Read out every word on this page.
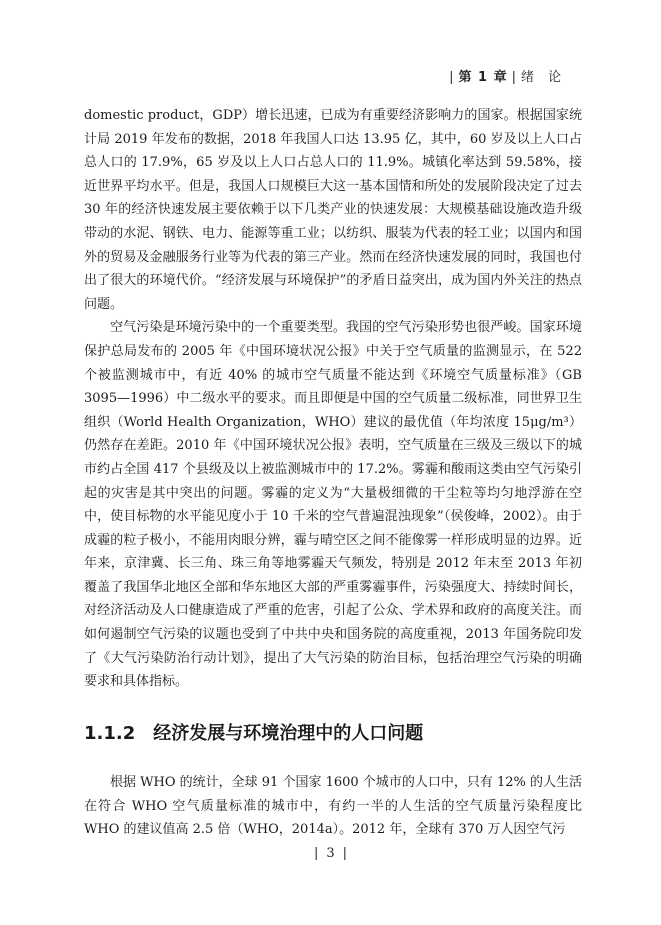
| 第 1 章 | 绪论

domestic product，GDP）增长迅速，已成为有重要经济影响力的国家。根据国家统计局 2019 年发布的数据，2018 年我国人口达 13.95 亿，其中，60 岁及以上人口占总人口的 17.9%，65 岁及以上人口占总人口的 11.9%。城镇化率达到 59.58%，接近世界平均水平。但是，我国人口规模巨大这一基本国情和所处的发展阶段决定了过去 30 年的经济快速发展主要依赖于以下几类产业的快速发展：大规模基础设施改造升级带动的水泥、钢铁、电力、能源等重工业；以纺织、服装为代表的轻工业；以国内和国外的贸易及金融服务行业等为代表的第三产业。然而在经济快速发展的同时，我国也付出了很大的环境代价。“经济发展与环境保护”的矛盾日益突出，成为国内外关注的热点问题。

空气污染是环境污染中的一个重要类型。我国的空气污染形势也很严峻。国家环境保护总局发布的 2005 年《中国环境状况公报》中关于空气质量的监测显示，在 522 个被监测城市中，有近 40% 的城市空气质量不能达到《环境空气质量标准》（GB 3095—1996）中二级水平的要求。而且即便是中国的空气质量二级标准，同世界卫生组织（World Health Organization，WHO）建议的最优值（年均浓度 15μg/m³）仍然存在差距。2010 年《中国环境状况公报》表明，空气质量在三级及三级以下的城市约占全国 417 个县级及以上被监测城市中的 17.2%。雾霾和酸雨这类由空气污染引起的灾害是其中突出的问题。雾霾的定义为“大量极细微的干尘粒等均匀地浮游在空中，使目标物的水平能见度小于 10 千米的空气普遍混浊现象”（侯俊峰，2002）。由于成霾的粒子极小，不能用肉眼分辨，霾与晴空区之间不能像雾一样形成明显的边界。近年来，京津冀、长三角、珠三角等地雾霾天气频发，特别是 2012 年末至 2013 年初覆盖了我国华北地区全部和华东地区大部的严重雾霾事件，污染强度大、持续时间长，对经济活动及人口健康造成了严重的危害，引起了公众、学术界和政府的高度关注。而如何遏制空气污染的议题也受到了中共中央和国务院的高度重视，2013 年国务院印发了《大气污染防治行动计划》，提出了大气污染的防治目标，包括治理空气污染的明确要求和具体指标。

1.1.2 经济发展与环境治理中的人口问题

根据 WHO 的统计，全球 91 个国家 1600 个城市的人口中，只有 12% 的人生活在符合 WHO 空气质量标准的城市中，有约一半的人生活的空气质量污染程度比 WHO 的建议值高 2.5 倍（WHO，2014a）。2012 年，全球有 370 万人因空气污

| 3 |
